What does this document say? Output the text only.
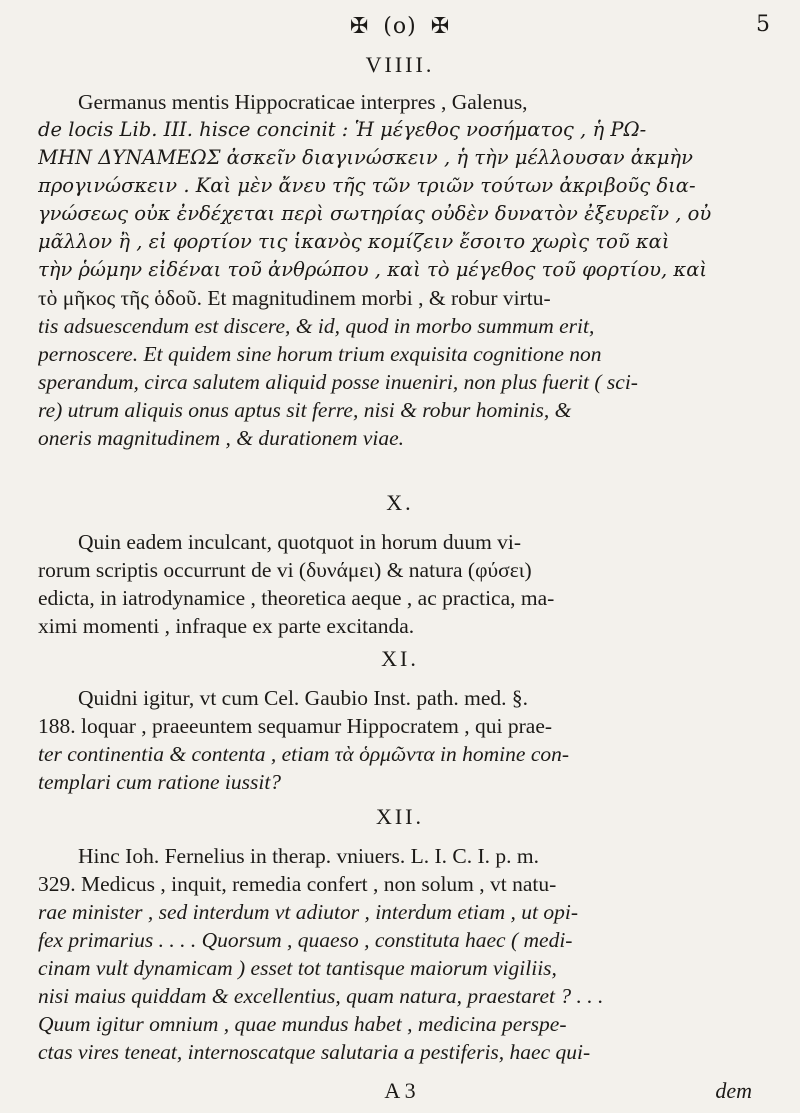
✠ (o) ✠	5
VIIII.
Germanus mentis Hippocraticae interpres , Galenus,
de locis Lib. III. hisce concinit : Ἡ μέγεθος νοσήματος , ἡ ΡΩ-
ΜΗΝ ΔΥΝΑΜΕΩΣ ἀσκεῖν διαγινώσκειν , ἡ τὴν μέλλουσαν ἀκμὴν
προγινώσκειν . Καὶ μὲν ἄνευ τῆς τῶν τριῶν τούτων ἀκριβοῦς δια-
γνώσεως οὐκ ἐνδέχεται περὶ σωτηρίας οὐδὲν δυνατὸν ἐξευρεῖν , οὐ
μᾶλλον ἢ , εἰ φορτίον τις ἱκανὸς κομίζειν ἔσοιτο χωρὶς τοῦ καὶ
τὴν ῥώμην εἰδέναι τοῦ ἀνθρώπου , καὶ τὸ μέγεθος τοῦ φορτίου, καὶ
τὸ μῆκος τῆς ὁδοῦ. Et magnitudinem morbi , & robur virtu-
tis adsuescendum est discere, & id, quod in morbo summum erit,
pernoscere. Et quidem sine horum trium exquisita cognitione non
sperandum, circa salutem aliquid posse inueniri, non plus fuerit ( sci-
re) utrum aliquis onus aptus sit ferre, nisi & robur hominis, &
oneris magnitudinem , & durationem viae.
X.
Quin eadem inculcant, quotquot in horum duum vi-
rorum scriptis occurrunt de vi (δυνάμει) & natura (φύσει)
edicta, in iatrodynamice , theoretica aeque , ac practica, ma-
ximi momenti , infraque ex parte excitanda.
XI.
Quidni igitur, vt cum Cel. Gaubio Inst. path. med. §.
188. loquar , praeeuntem sequamur Hippocratem , qui prae-
ter continentia & contenta , etiam τὰ ὁρμῶντα in homine con-
templari cum ratione iussit?
XII.
Hinc Ioh. Fernelius in therap. vniuers. L. I. C. I. p. m.
329. Medicus , inquit, remedia confert , non solum , vt natu-
rae minister , sed interdum vt adiutor , interdum etiam , ut opi-
fex primarius . . . . Quorsum , quaeso , constituta haec ( medi-
cinam vult dynamicam ) esset tot tantisque maiorum vigiliis,
nisi maius quiddam & excellentius, quam natura, praestaret ? . . .
Quum igitur omnium , quae mundus habet , medicina perspe-
ctas vires teneat, internoscatque salutaria a pestiferis, haec qui-
A 3	dem
